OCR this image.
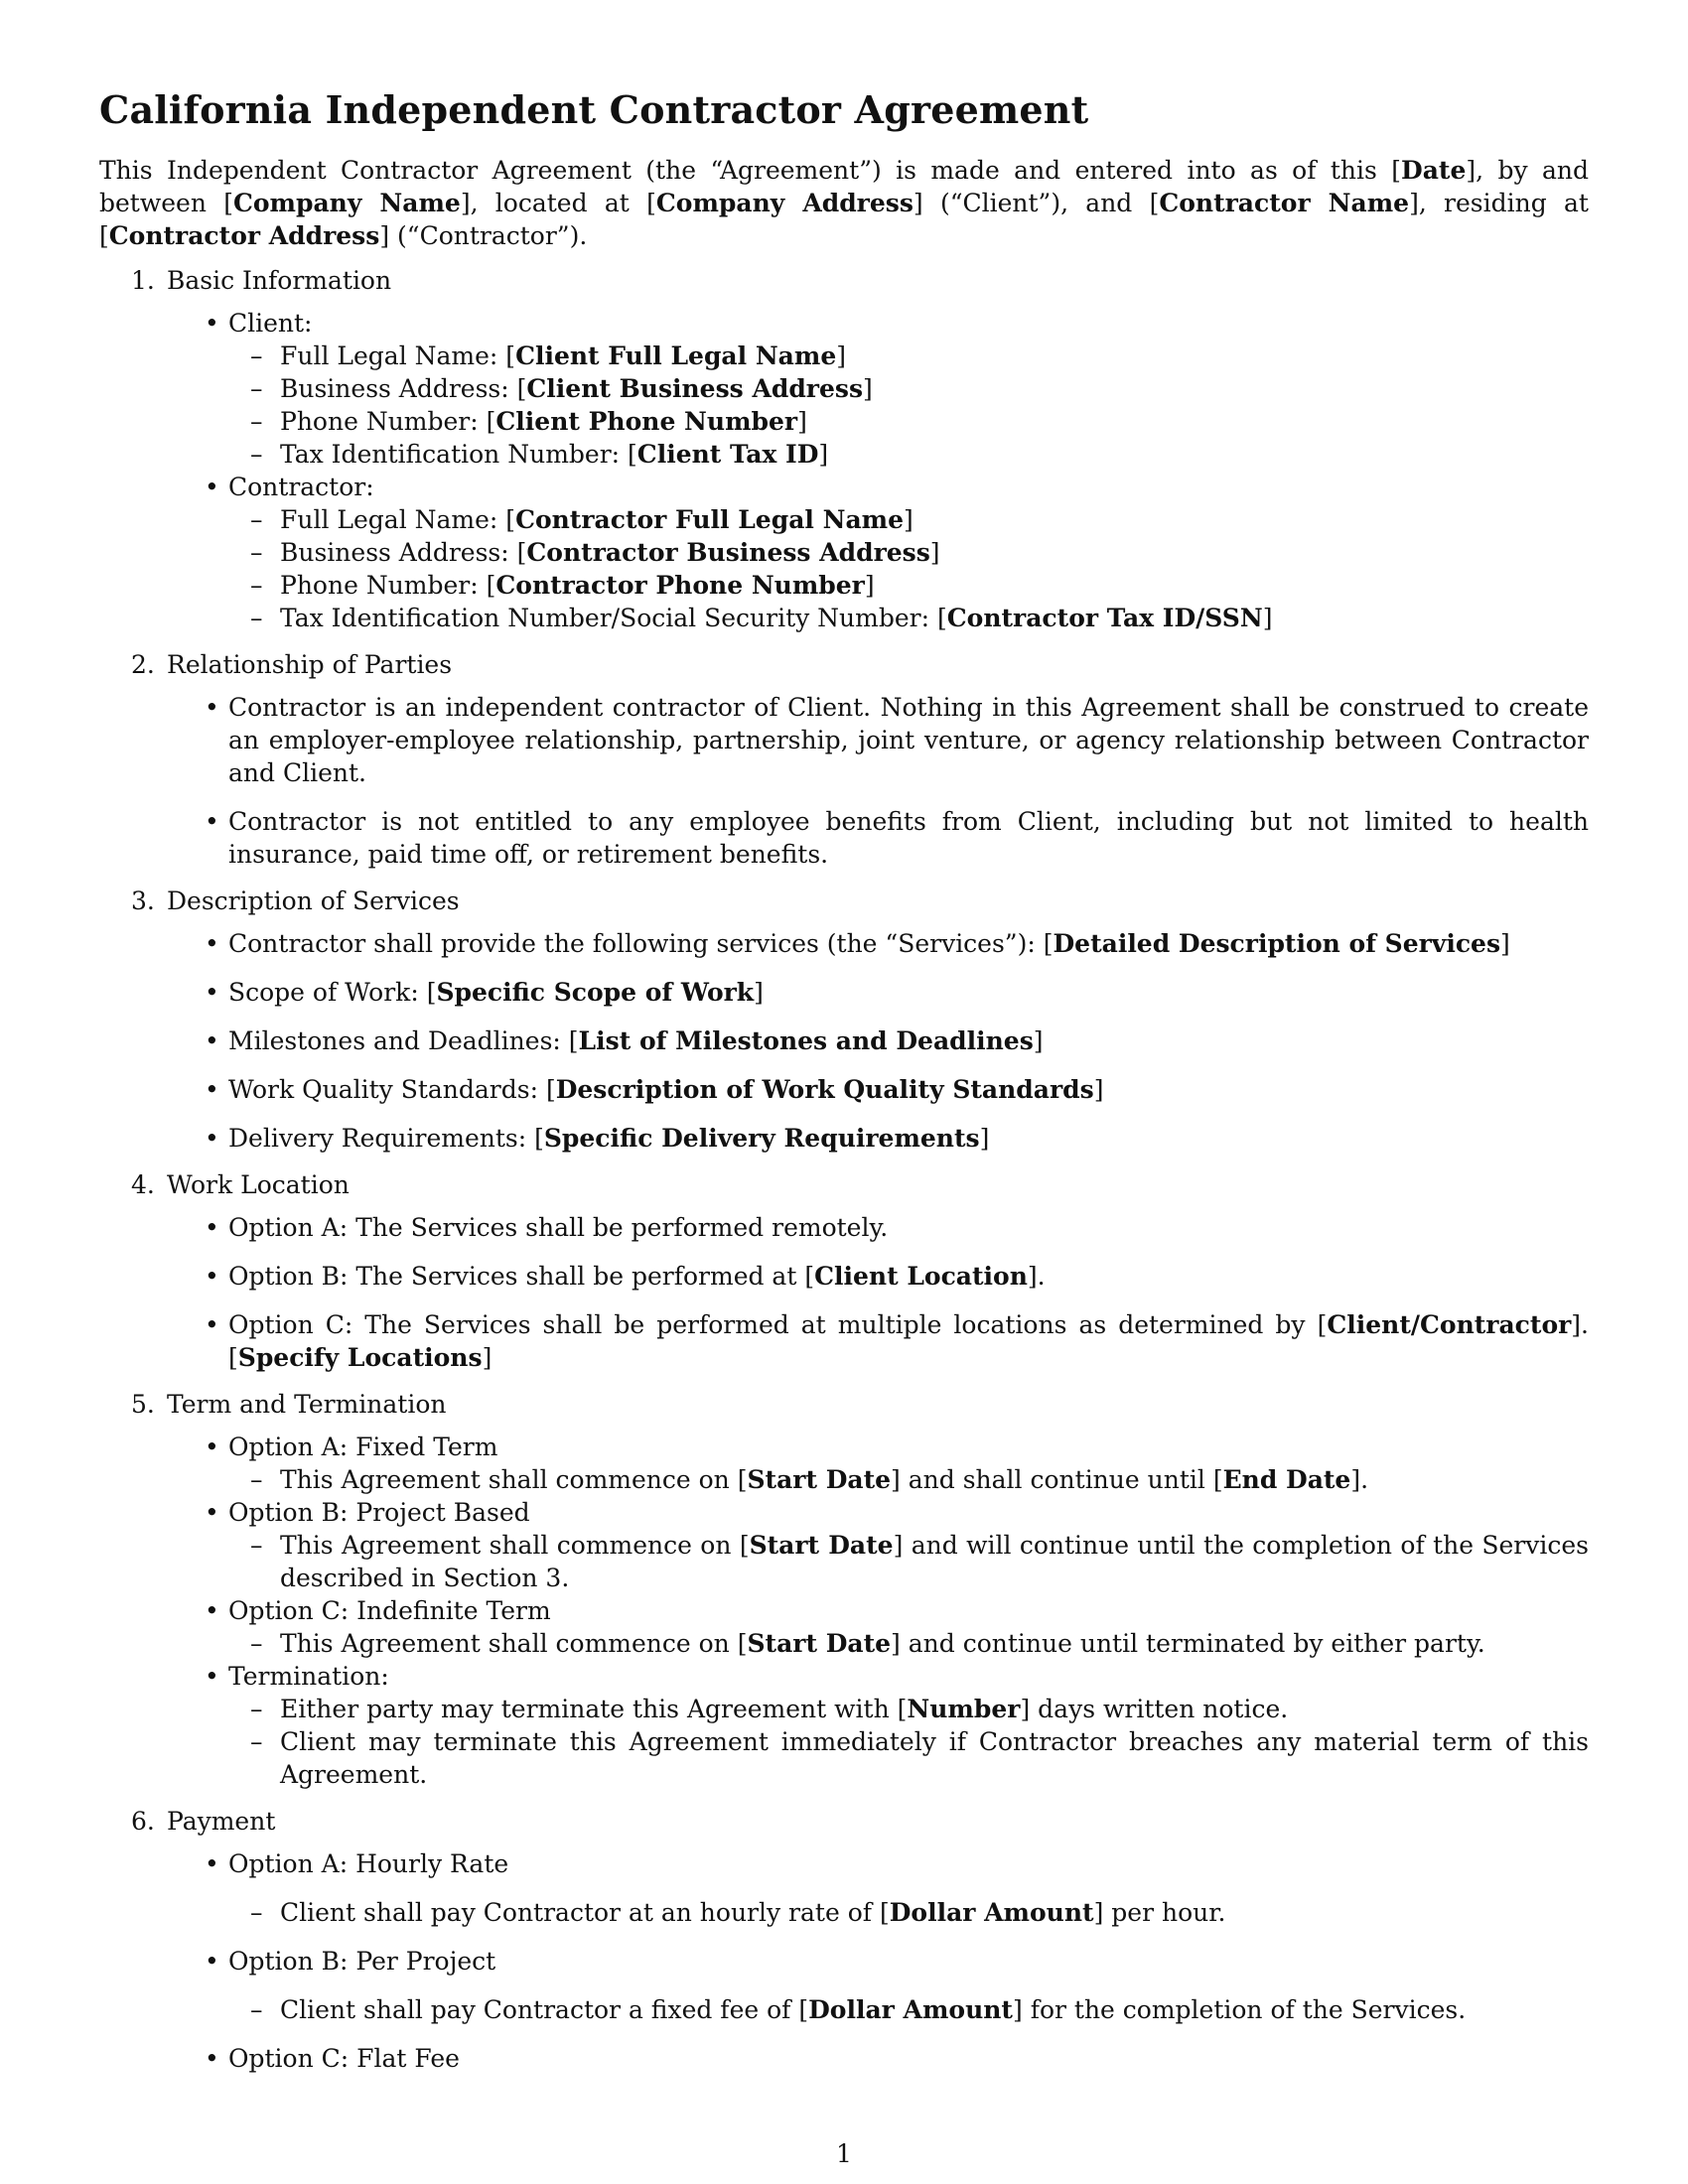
California Independent Contractor Agreement

This Independent Contractor Agreement (the “Agreement”) is made and entered into as of this [Date], by and between [Company Name], located at [Company Address] (“Client”), and [Contractor Name], residing at [Contractor Address] (“Contractor”).

1. Basic Information
• Client:
– Full Legal Name: [Client Full Legal Name]
– Business Address: [Client Business Address]
– Phone Number: [Client Phone Number]
– Tax Identification Number: [Client Tax ID]
• Contractor:
– Full Legal Name: [Contractor Full Legal Name]
– Business Address: [Contractor Business Address]
– Phone Number: [Contractor Phone Number]
– Tax Identification Number/Social Security Number: [Contractor Tax ID/SSN]
2. Relationship of Parties
• Contractor is an independent contractor of Client. Nothing in this Agreement shall be construed to create an employer-employee relationship, partnership, joint venture, or agency relationship between Contractor and Client.
• Contractor is not entitled to any employee benefits from Client, including but not limited to health insurance, paid time off, or retirement benefits.
3. Description of Services
• Contractor shall provide the following services (the “Services”): [Detailed Description of Services]
• Scope of Work: [Specific Scope of Work]
• Milestones and Deadlines: [List of Milestones and Deadlines]
• Work Quality Standards: [Description of Work Quality Standards]
• Delivery Requirements: [Specific Delivery Requirements]
4. Work Location
• Option A: The Services shall be performed remotely.
• Option B: The Services shall be performed at [Client Location].
• Option C: The Services shall be performed at multiple locations as determined by [Client/Contractor]. [Specify Locations]
5. Term and Termination
• Option A: Fixed Term
– This Agreement shall commence on [Start Date] and shall continue until [End Date].
• Option B: Project Based
– This Agreement shall commence on [Start Date] and will continue until the completion of the Services described in Section 3.
• Option C: Indefinite Term
– This Agreement shall commence on [Start Date] and continue until terminated by either party.
• Termination:
– Either party may terminate this Agreement with [Number] days written notice.
– Client may terminate this Agreement immediately if Contractor breaches any material term of this Agreement.
6. Payment
• Option A: Hourly Rate
– Client shall pay Contractor at an hourly rate of [Dollar Amount] per hour.
• Option B: Per Project
– Client shall pay Contractor a fixed fee of [Dollar Amount] for the completion of the Services.
• Option C: Flat Fee
1
